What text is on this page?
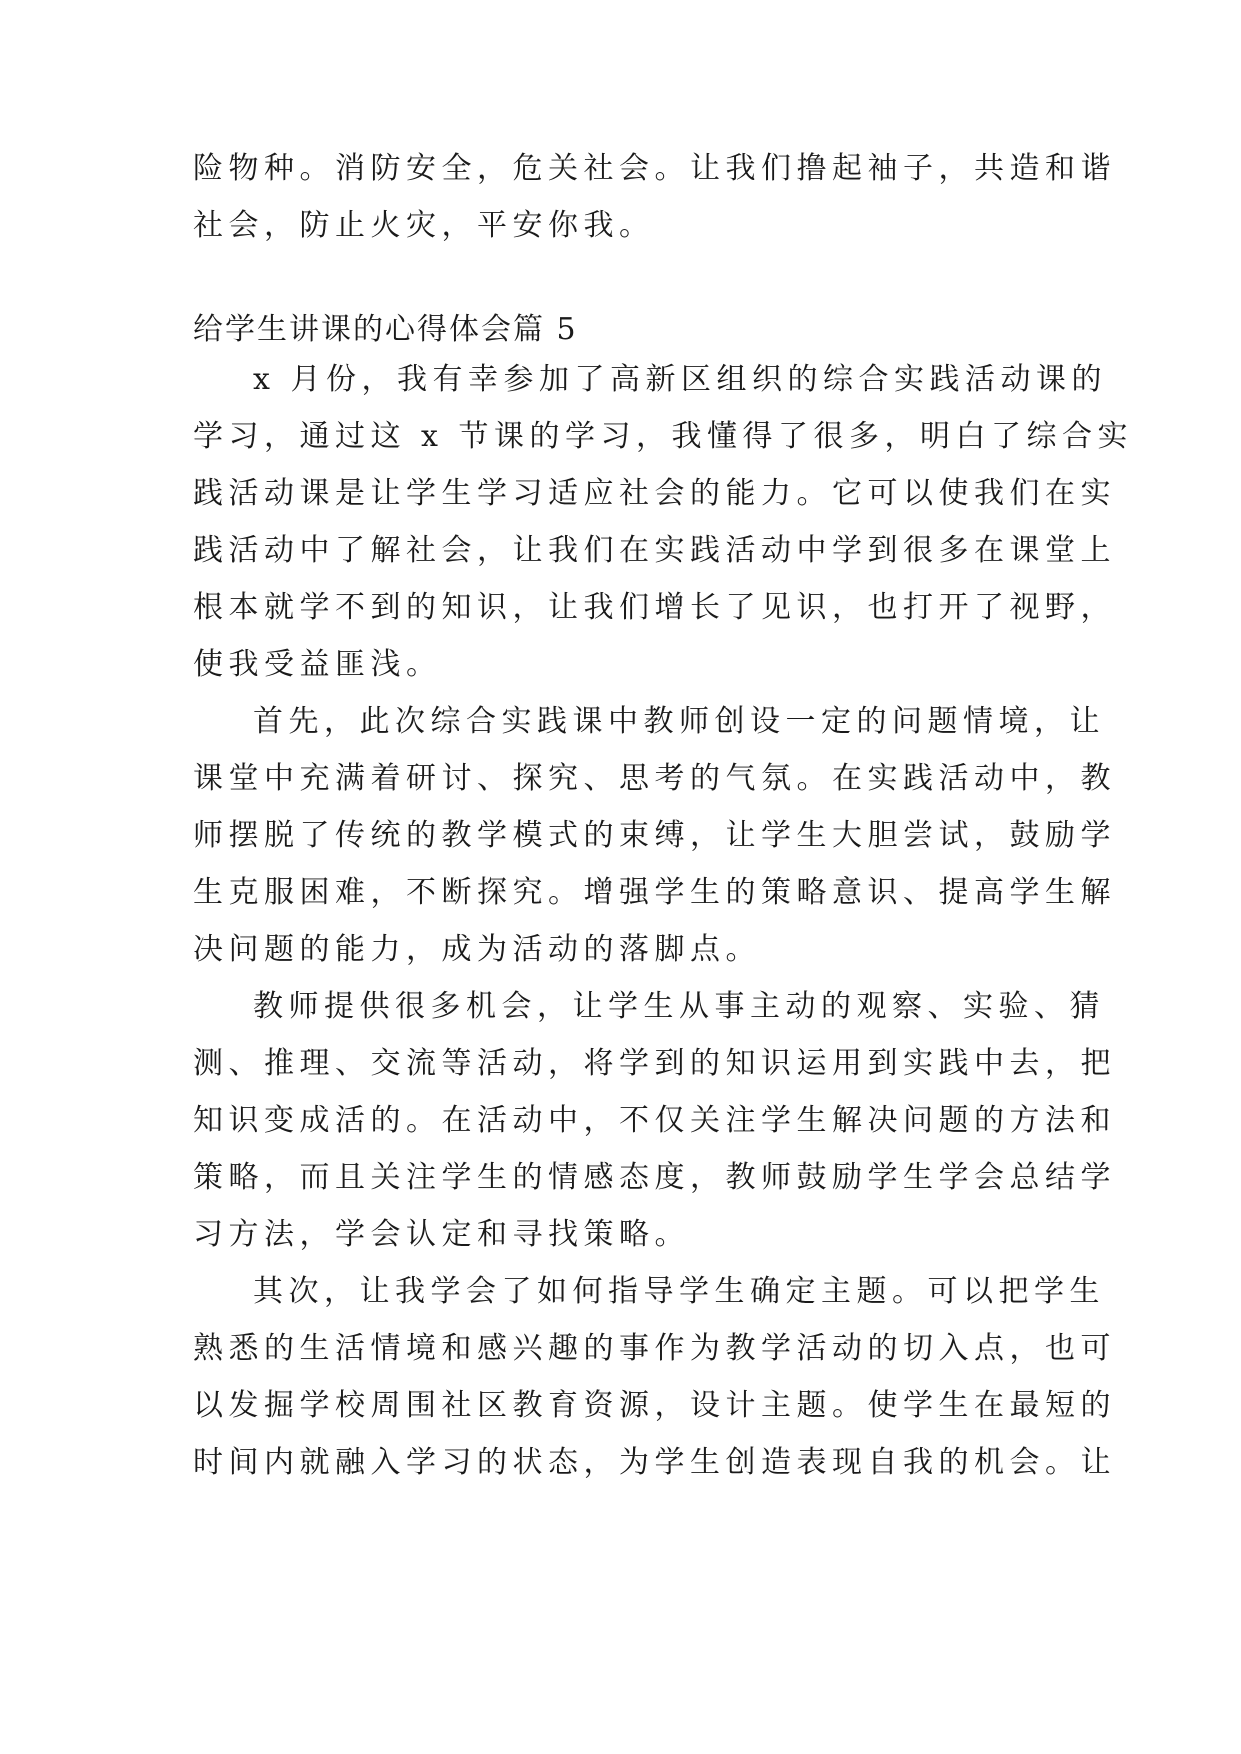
险物种。消防安全，危关社会。让我们撸起袖子，共造和谐
社会，防止火灾，平安你我。
给学生讲课的心得体会篇 5
x 月份，我有幸参加了高新区组织的综合实践活动课的
学习，通过这 x 节课的学习，我懂得了很多，明白了综合实
践活动课是让学生学习适应社会的能力。它可以使我们在实
践活动中了解社会，让我们在实践活动中学到很多在课堂上
根本就学不到的知识，让我们增长了见识，也打开了视野，
使我受益匪浅。
首先，此次综合实践课中教师创设一定的问题情境，让
课堂中充满着研讨、探究、思考的气氛。在实践活动中，教
师摆脱了传统的教学模式的束缚，让学生大胆尝试，鼓励学
生克服困难，不断探究。增强学生的策略意识、提高学生解
决问题的能力，成为活动的落脚点。
教师提供很多机会，让学生从事主动的观察、实验、猜
测、推理、交流等活动，将学到的知识运用到实践中去，把
知识变成活的。在活动中，不仅关注学生解决问题的方法和
策略，而且关注学生的情感态度，教师鼓励学生学会总结学
习方法，学会认定和寻找策略。
其次，让我学会了如何指导学生确定主题。可以把学生
熟悉的生活情境和感兴趣的事作为教学活动的切入点，也可
以发掘学校周围社区教育资源，设计主题。使学生在最短的
时间内就融入学习的状态，为学生创造表现自我的机会。让
